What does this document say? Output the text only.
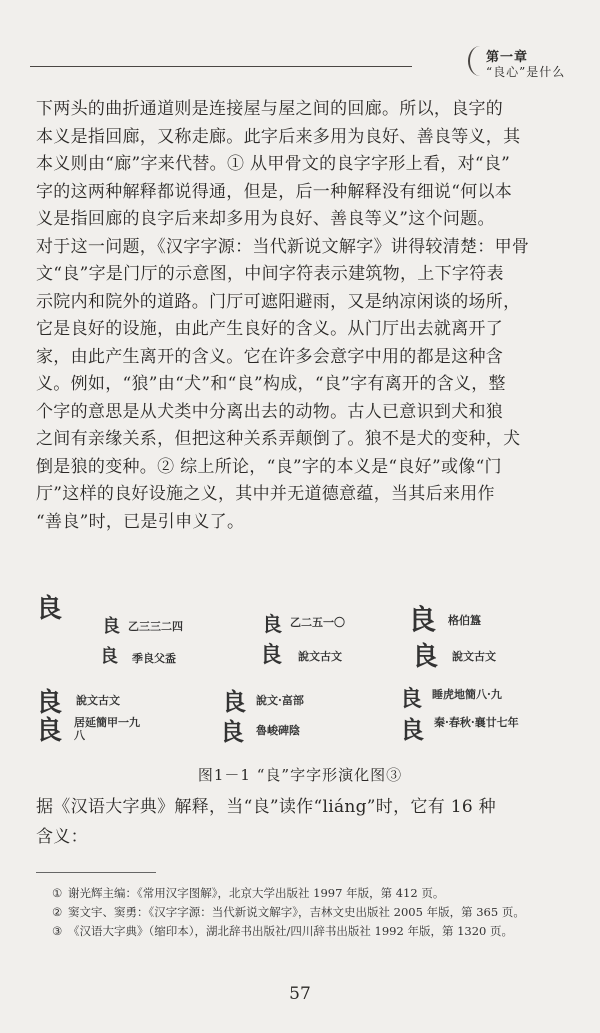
第一章
“良心”是什么

下两头的曲折通道则是连接屋与屋之间的回廊。所以，良字的

本义是指回廊，又称走廊。此字后来多用为良好、善良等义，其

本义则由“廊”字来代替。① 从甲骨文的良字字形上看，对“良”

字的这两种解释都说得通，但是，后一种解释没有细说“何以本

义是指回廊的良字后来却多用为良好、善良等义”这个问题。

对于这一问题，《汉字字源：当代新说文解字》讲得较清楚：甲骨

文“良”字是门厅的示意图，中间字符表示建筑物，上下字符表

示院内和院外的道路。门厅可遮阳避雨，又是纳凉闲谈的场所，

它是良好的设施，由此产生良好的含义。从门厅出去就离开了

家，由此产生离开的含义。它在许多会意字中用的都是这种含

义。例如，“狼”由“犬”和“良”构成，“良”字有离开的含义，整

个字的意思是从犬类中分离出去的动物。古人已意识到犬和狼

之间有亲缘关系，但把这种关系弄颠倒了。狼不是犬的变种，犬

倒是狼的变种。② 综上所论，“良”字的本义是“良好”或像“门

厅”这样的良好设施之义，其中并无道德意蕴，当其后来用作

“善良”时，已是引申义了。

良
良 乙三三二四	良 乙二五一〇 良 格伯簋
良 季良父盉	良 說文古文	良 說文古文
良 說文古文	良 說文·畗部	良 睡虎地簡八·九
良 居延簡甲一九八	良 魯峻碑陰	良 秦·春秋·襄廿七年
图1－1 “良”字字形演化图③

据《汉语大字典》解释，当“良”读作“liáng”时，它有 16 种

含义：

① 谢光辉主编：《常用汉字图解》，北京大学出版社 1997 年版，第 412 页。
② 窦文宇、窦勇：《汉字字源：当代新说文解字》，吉林文史出版社 2005 年版，第 365 页。
③ 《汉语大字典》（缩印本），湖北辞书出版社/四川辞书出版社 1992 年版，第 1320 页。
57
